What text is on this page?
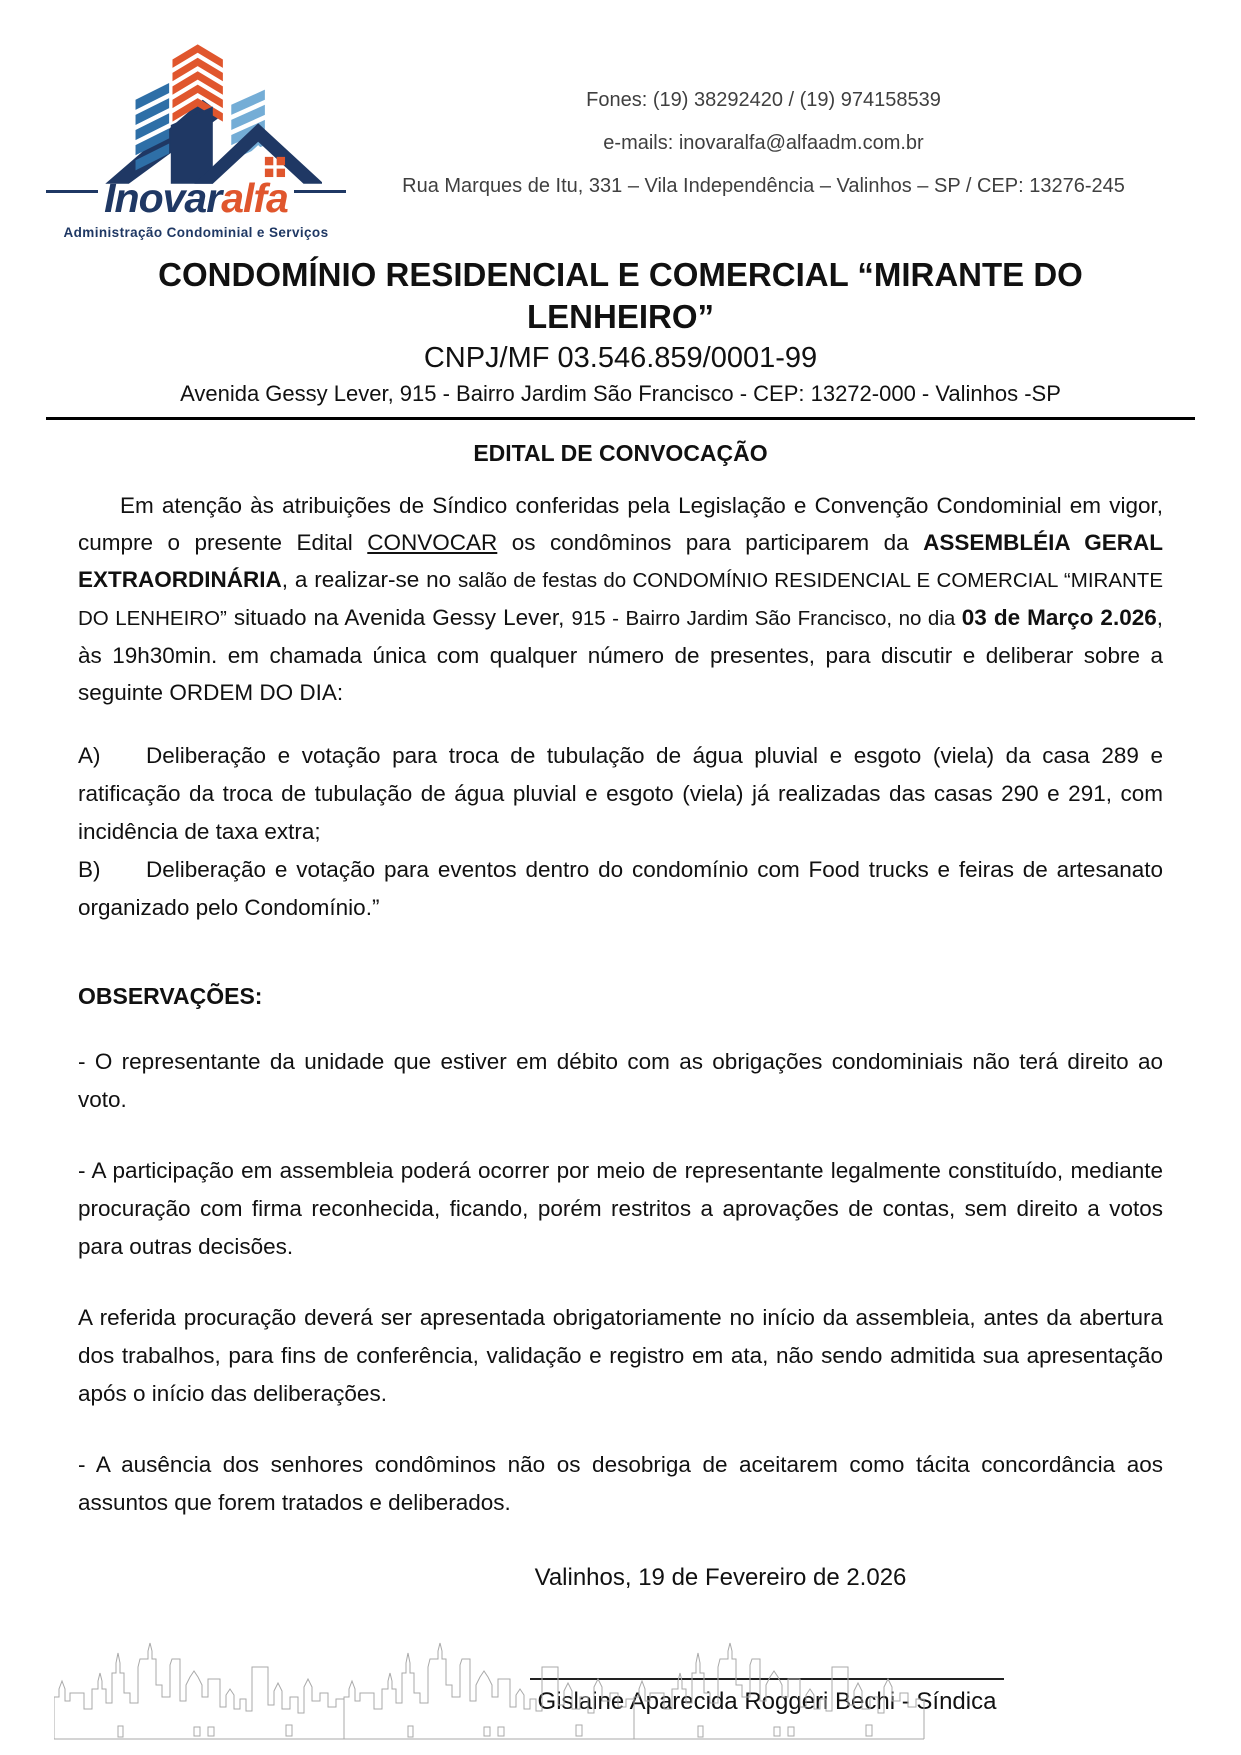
Inovaralfa
Administração Condominial e Serviços
Fones: (19) 38292420 / (19) 974158539
e-mails: inovaralfa@alfaadm.com.br
Rua Marques de Itu, 331 – Vila Independência – Valinhos – SP / CEP: 13276-245
CONDOMÍNIO RESIDENCIAL E COMERCIAL “MIRANTE DO LENHEIRO”
CNPJ/MF 03.546.859/0001-99
Avenida Gessy Lever, 915 - Bairro Jardim São Francisco - CEP: 13272-000 - Valinhos -SP
EDITAL DE CONVOCAÇÃO

Em atenção às atribuições de Síndico conferidas pela Legislação e Convenção Condominial em vigor, cumpre o presente Edital CONVOCAR os condôminos para participarem da ASSEMBLÉIA GERAL EXTRAORDINÁRIA, a realizar-se no salão de festas do CONDOMÍNIO RESIDENCIAL E COMERCIAL “MIRANTE DO LENHEIRO” situado na Avenida Gessy Lever, 915 - Bairro Jardim São Francisco, no dia 03 de Março 2.026, às 19h30min. em chamada única com qualquer número de presentes, para discutir e deliberar sobre a seguinte ORDEM DO DIA:

A) Deliberação e votação para troca de tubulação de água pluvial e esgoto (viela) da casa 289 e ratificação da troca de tubulação de água pluvial e esgoto (viela) já realizadas das casas 290 e 291, com incidência de taxa extra;

B) Deliberação e votação para eventos dentro do condomínio com Food trucks e feiras de artesanato organizado pelo Condomínio.”

OBSERVAÇÕES:

- O representante da unidade que estiver em débito com as obrigações condominiais não terá direito ao voto.

- A participação em assembleia poderá ocorrer por meio de representante legalmente constituído, mediante procuração com firma reconhecida, ficando, porém restritos a aprovações de contas, sem direito a votos para outras decisões.

A referida procuração deverá ser apresentada obrigatoriamente no início da assembleia, antes da abertura dos trabalhos, para fins de conferência, validação e registro em ata, não sendo admitida sua apresentação após o início das deliberações.

- A ausência dos senhores condôminos não os desobriga de aceitarem como tácita concordância aos assuntos que forem tratados e deliberados.

Valinhos, 19 de Fevereiro de 2.026
Gislaine Aparecida Roggeri Bechi - Síndica
